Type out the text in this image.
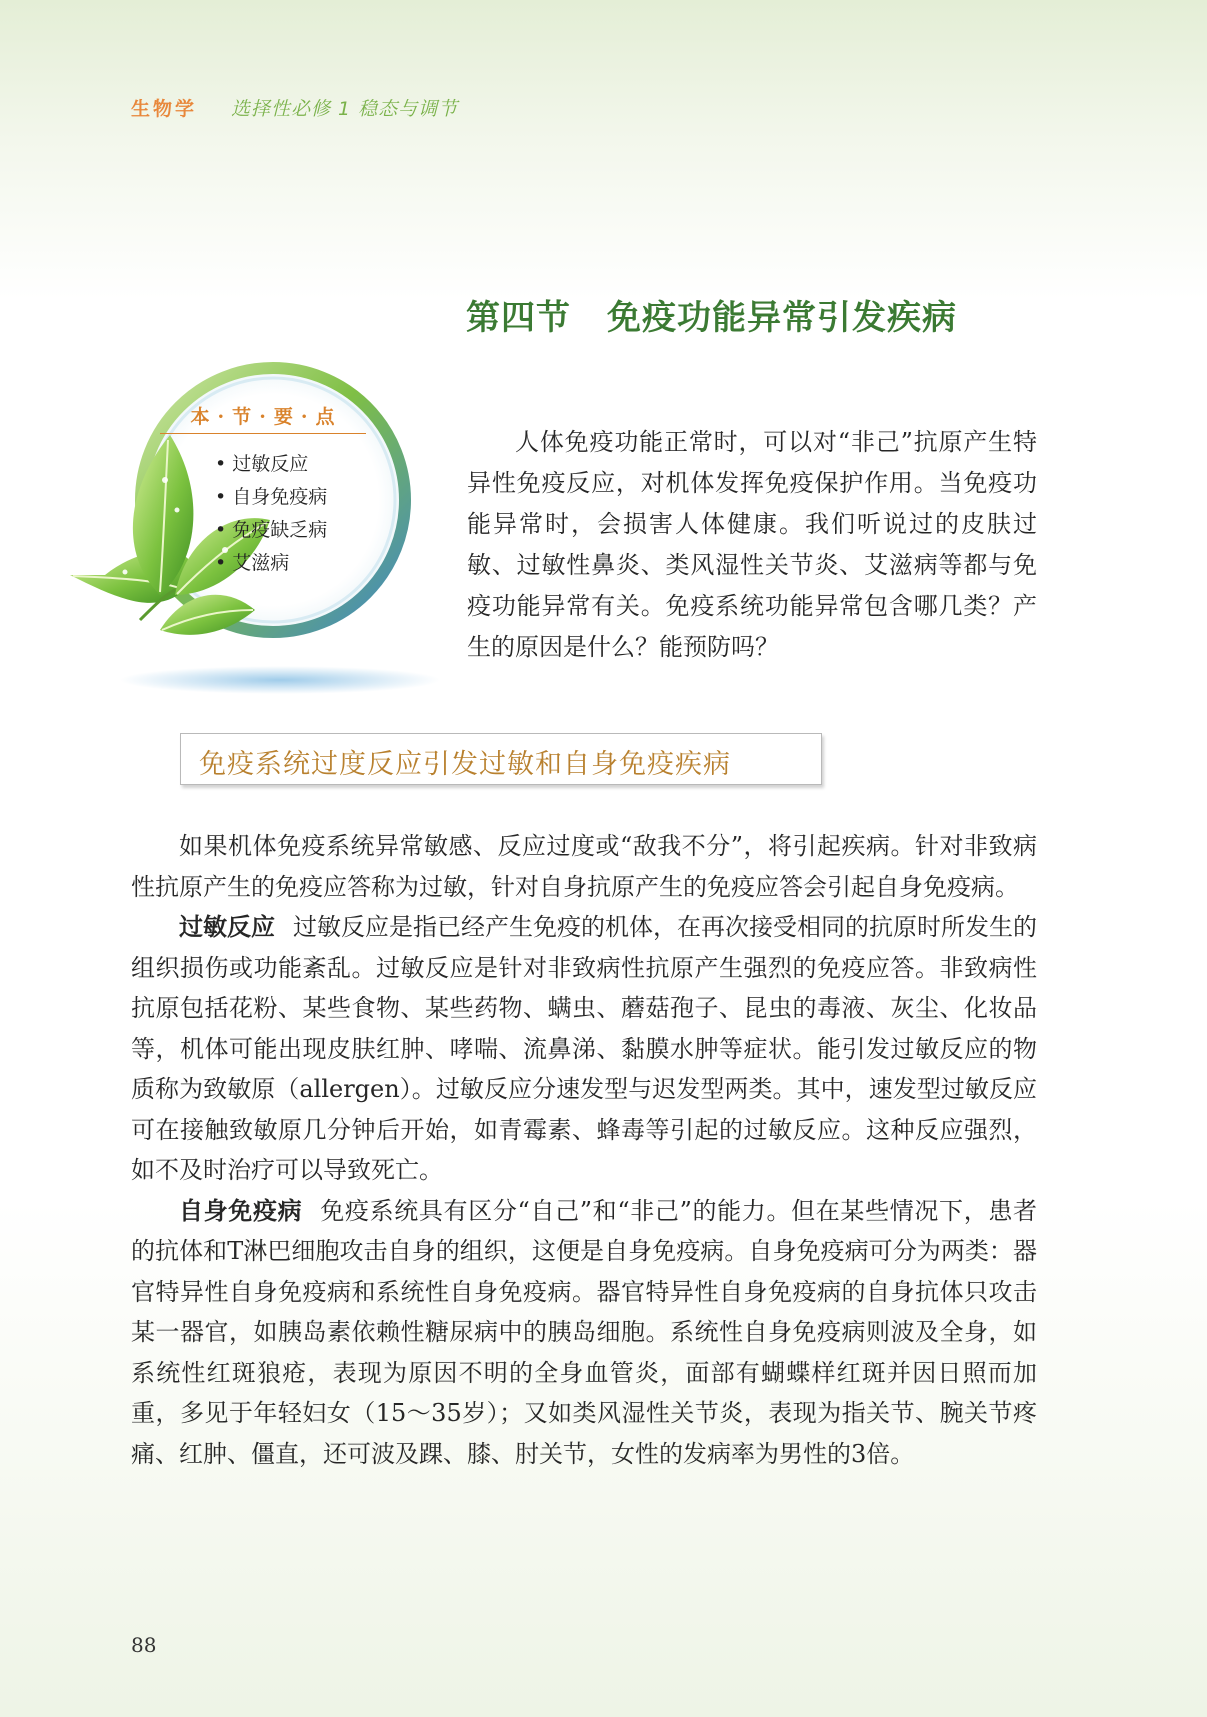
生物学 选择性必修 1 稳态与调节
第四节 免疫功能异常引发疾病
本 · 节 · 要 · 点
• 过敏反应
• 自身免疫病
• 免疫缺乏病
• 艾滋病

人体免疫功能正常时，可以对“非己”抗原产生特异性免疫反应，对机体发挥免疫保护作用。当免疫功能异常时，会损害人体健康。我们听说过的皮肤过敏、过敏性鼻炎、类风湿性关节炎、艾滋病等都与免疫功能异常有关。免疫系统功能异常包含哪几类？产生的原因是什么？能预防吗？

免疫系统过度反应引发过敏和自身免疫疾病

如果机体免疫系统异常敏感、反应过度或“敌我不分”，将引起疾病。针对非致病性抗原产生的免疫应答称为过敏，针对自身抗原产生的免疫应答会引起自身免疫病。

过敏反应 过敏反应是指已经产生免疫的机体，在再次接受相同的抗原时所发生的组织损伤或功能紊乱。过敏反应是针对非致病性抗原产生强烈的免疫应答。非致病性抗原包括花粉、某些食物、某些药物、螨虫、蘑菇孢子、昆虫的毒液、灰尘、化妆品等，机体可能出现皮肤红肿、哮喘、流鼻涕、黏膜水肿等症状。能引发过敏反应的物质称为致敏原（allergen）。过敏反应分速发型与迟发型两类。其中，速发型过敏反应可在接触致敏原几分钟后开始，如青霉素、蜂毒等引起的过敏反应。这种反应强烈，如不及时治疗可以导致死亡。

自身免疫病 免疫系统具有区分“自己”和“非己”的能力。但在某些情况下，患者的抗体和T淋巴细胞攻击自身的组织，这便是自身免疫病。自身免疫病可分为两类：器官特异性自身免疫病和系统性自身免疫病。器官特异性自身免疫病的自身抗体只攻击某一器官，如胰岛素依赖性糖尿病中的胰岛细胞。系统性自身免疫病则波及全身，如系统性红斑狼疮，表现为原因不明的全身血管炎，面部有蝴蝶样红斑并因日照而加重，多见于年轻妇女（15～35岁）；又如类风湿性关节炎，表现为指关节、腕关节疼痛、红肿、僵直，还可波及踝、膝、肘关节，女性的发病率为男性的3倍。

88
